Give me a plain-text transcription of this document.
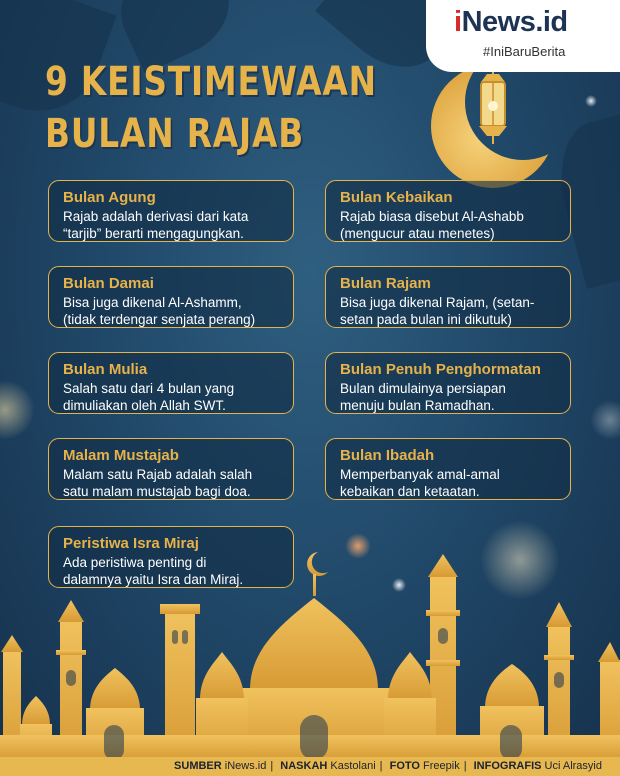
9 KEISTIMEWAAN
BULAN RAJAB
iNews.id
#IniBaruBerita
Bulan Agung
Rajab adalah derivasi dari kata
“tarjib” berarti mengagungkan.
Bulan Kebaikan
Rajab biasa disebut Al-Ashabb
(mengucur atau menetes)
Bulan Damai
Bisa juga dikenal Al-Ashamm,
(tidak terdengar senjata perang)
Bulan Rajam
Bisa juga dikenal Rajam, (setan-
setan pada bulan ini dikutuk)
Bulan Mulia
Salah satu dari 4 bulan yang
dimuliakan oleh Allah SWT.
Bulan Penuh Penghormatan
Bulan dimulainya persiapan
menuju bulan Ramadhan.
Malam Mustajab
Malam satu Rajab adalah salah
satu malam mustajab bagi doa.
Bulan Ibadah
Memperbanyak amal-amal
kebaikan dan ketaatan.
Peristiwa Isra Miraj
Ada peristiwa penting di
dalamnya yaitu Isra dan Miraj.
SUMBER iNews.id | NASKAH Kastolani | FOTO Freepik | INFOGRAFIS Uci Alrasyid
